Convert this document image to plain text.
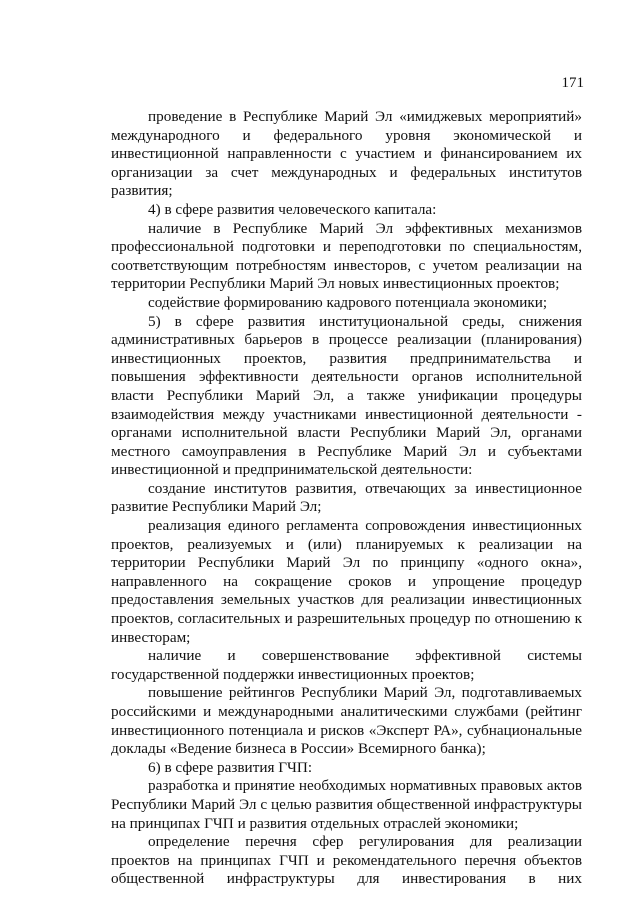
171

проведение в Республике Марий Эл «имиджевых мероприятий» международного и федерального уровня экономической и инвестиционной направленности с участием и финансированием их организации за счет международных и федеральных институтов развития;

4) в сфере развития человеческого капитала:

наличие в Республике Марий Эл эффективных механизмов профессиональной подготовки и переподготовки по специальностям, соответствующим потребностям инвесторов, с учетом реализации на территории Республики Марий Эл новых инвестиционных проектов;

содействие формированию кадрового потенциала экономики;

5) в сфере развития институциональной среды, снижения административных барьеров в процессе реализации (планирования) инвестиционных проектов, развития предпринимательства и повышения эффективности деятельности органов исполнительной власти Республики Марий Эл, а также унификации процедуры взаимодействия между участниками инвестиционной деятельности - органами исполнительной власти Республики Марий Эл, органами местного самоуправления в Республике Марий Эл и субъектами инвестиционной и предпринимательской деятельности:

создание институтов развития, отвечающих за инвестиционное развитие Республики Марий Эл;

реализация единого регламента сопровождения инвестиционных проектов, реализуемых и (или) планируемых к реализации на территории Республики Марий Эл по принципу «одного окна», направленного на сокращение сроков и упрощение процедур предоставления земельных участков для реализации инвестиционных проектов, согласительных и разрешительных процедур по отношению к инвесторам;

наличие и совершенствование эффективной системы государственной поддержки инвестиционных проектов;

повышение рейтингов Республики Марий Эл, подготавливаемых российскими и международными аналитическими службами (рейтинг инвестиционного потенциала и рисков «Эксперт РА», субнациональные доклады «Ведение бизнеса в России» Всемирного банка);

6) в сфере развития ГЧП:

разработка и принятие необходимых нормативных правовых актов Республики Марий Эл с целью развития общественной инфраструктуры на принципах ГЧП и развития отдельных отраслей экономики;

определение перечня сфер регулирования для реализации проектов на принципах ГЧП и рекомендательного перечня объектов общественной инфраструктуры для инвестирования в них
